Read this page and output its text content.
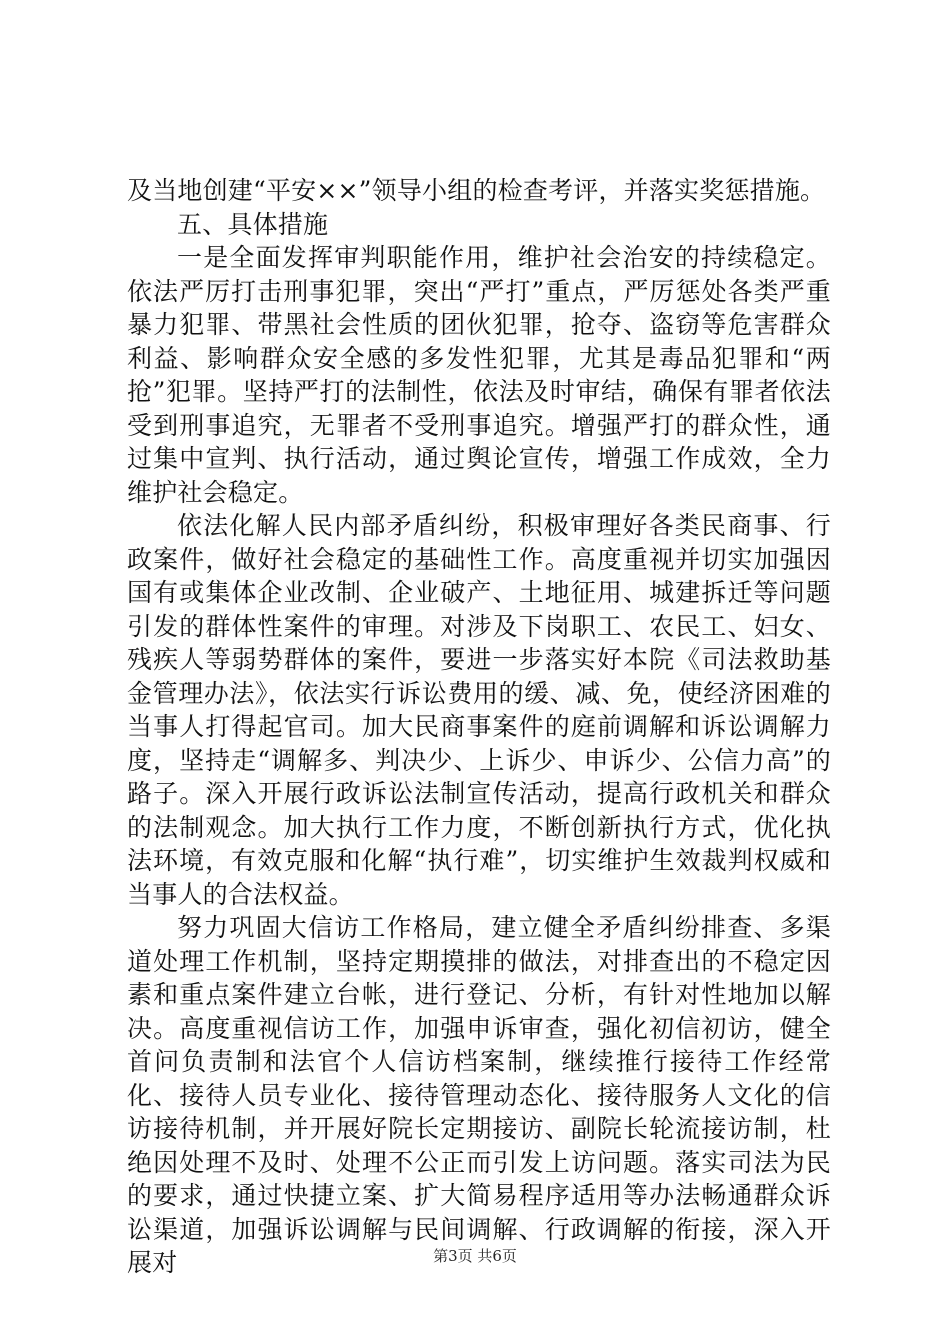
及当地创建“平安××”领导小组的检查考评，并落实奖惩措施。

五、具体措施

一是全面发挥审判职能作用，维护社会治安的持续稳定。依法严厉打击刑事犯罪，突出“严打”重点，严厉惩处各类严重暴力犯罪、带黑社会性质的团伙犯罪，抢夺、盗窃等危害群众利益、影响群众安全感的多发性犯罪，尤其是毒品犯罪和“两抢”犯罪。坚持严打的法制性，依法及时审结，确保有罪者依法受到刑事追究，无罪者不受刑事追究。增强严打的群众性，通过集中宣判、执行活动，通过舆论宣传，增强工作成效，全力维护社会稳定。

依法化解人民内部矛盾纠纷，积极审理好各类民商事、行政案件，做好社会稳定的基础性工作。高度重视并切实加强因国有或集体企业改制、企业破产、土地征用、城建拆迁等问题引发的群体性案件的审理。对涉及下岗职工、农民工、妇女、残疾人等弱势群体的案件，要进一步落实好本院《司法救助基金管理办法》，依法实行诉讼费用的缓、减、免，使经济困难的当事人打得起官司。加大民商事案件的庭前调解和诉讼调解力度，坚持走“调解多、判决少、上诉少、申诉少、公信力高”的路子。深入开展行政诉讼法制宣传活动，提高行政机关和群众的法制观念。加大执行工作力度，不断创新执行方式，优化执法环境，有效克服和化解“执行难”，切实维护生效裁判权威和当事人的合法权益。

努力巩固大信访工作格局，建立健全矛盾纠纷排查、多渠道处理工作机制，坚持定期摸排的做法，对排查出的不稳定因素和重点案件建立台帐，进行登记、分析，有针对性地加以解决。高度重视信访工作，加强申诉审查，强化初信初访，健全首问负责制和法官个人信访档案制，继续推行接待工作经常化、接待人员专业化、接待管理动态化、接待服务人文化的信访接待机制，并开展好院长定期接访、副院长轮流接访制，杜绝因处理不及时、处理不公正而引发上访问题。落实司法为民的要求，通过快捷立案、扩大简易程序适用等办法畅通群众诉讼渠道，加强诉讼调解与民间调解、行政调解的衔接，深入开展对	第3页 共6页
